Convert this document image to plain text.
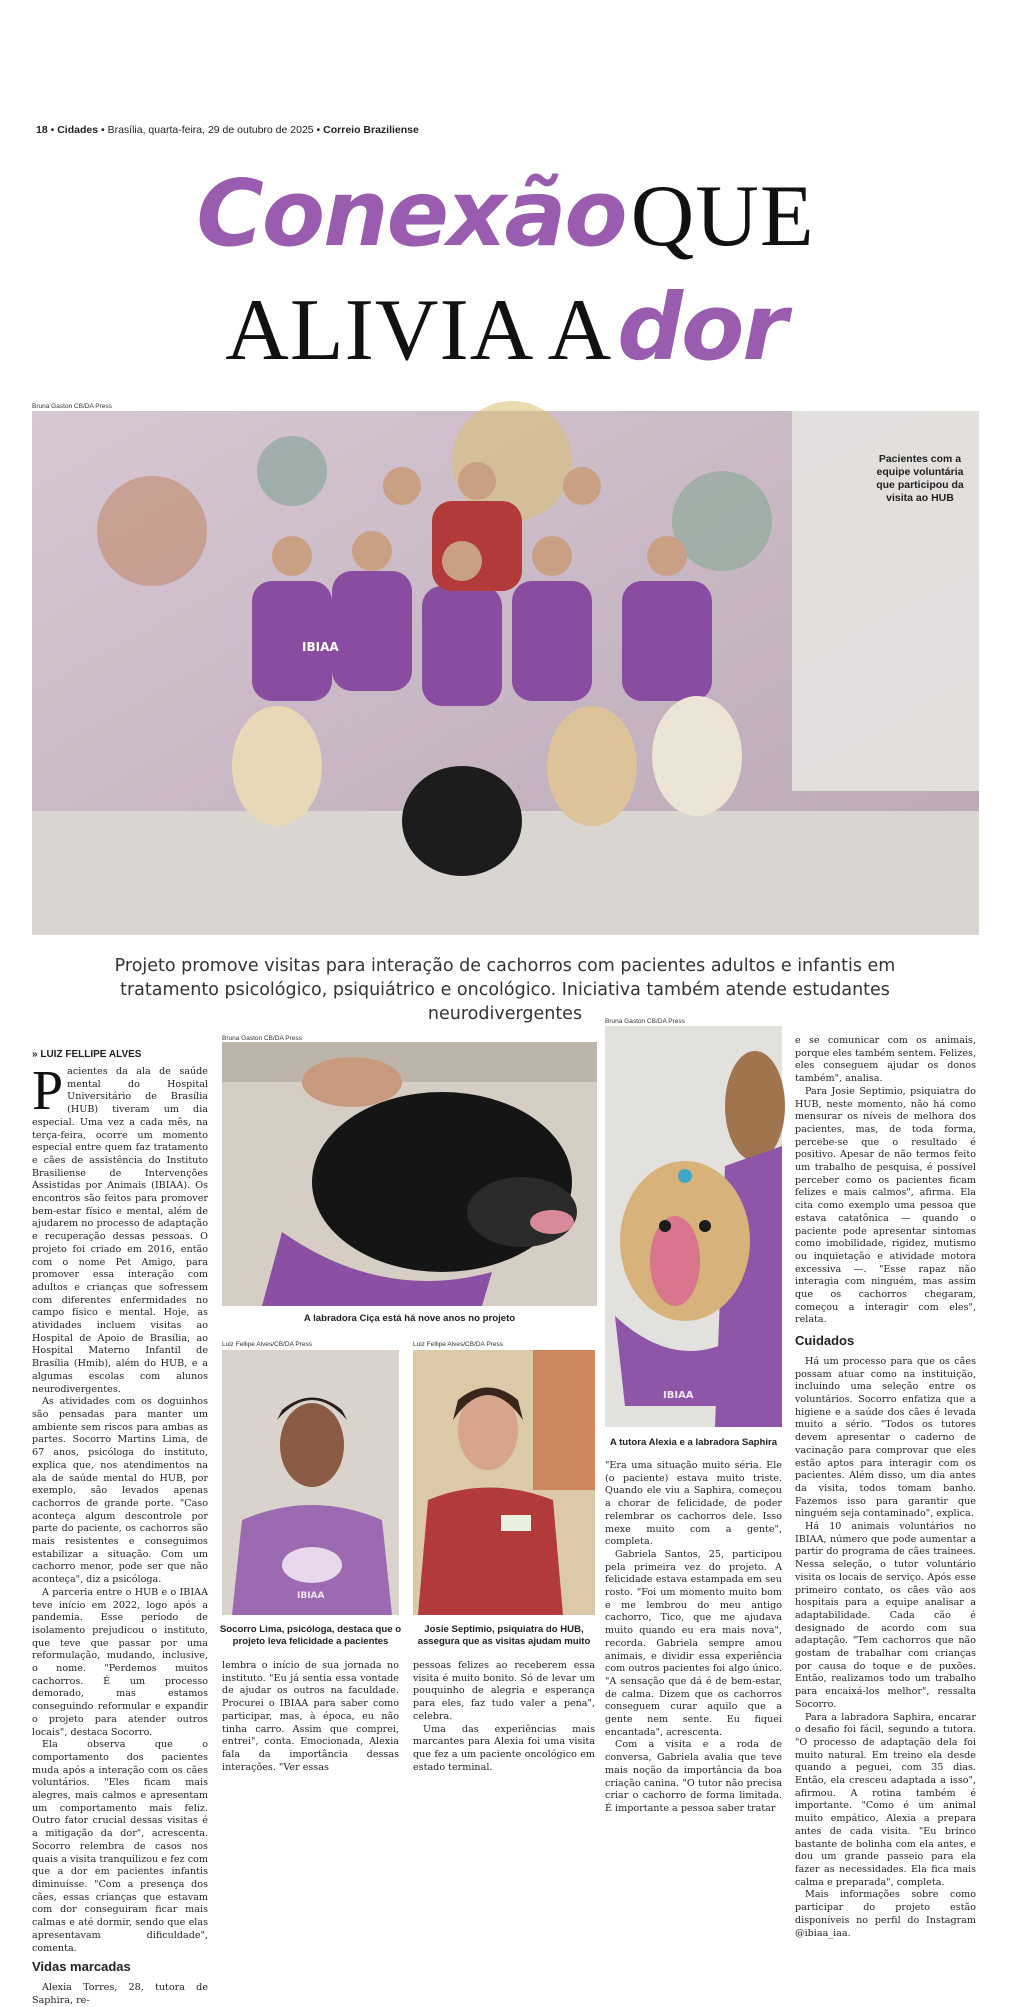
18 • Cidades • Brasília, quarta-feira, 29 de outubro de 2025 • Correio Braziliense
Conexão QUE
ALIVIA A dor
Bruna Gaston CB/DA Press
IBIAA
Pacientes com a equipe voluntária que participou da visita ao HUB
Projeto promove visitas para interação de cachorros com pacientes adultos e infantis em tratamento psicológico, psiquiátrico e oncológico. Iniciativa também atende estudantes neurodivergentes
» LUIZ FELLIPE ALVES

Pacientes da ala de saúde mental do Hospital Universitário de Brasília (HUB) tiveram um dia especial. Uma vez a cada mês, na terça-feira, ocorre um momento especial entre quem faz tratamento e cães de assistência do Instituto Brasiliense de Intervenções Assistidas por Animais (IBIAA). Os encontros são feitos para promover bem-estar físico e mental, além de ajudarem no processo de adaptação e recuperação dessas pessoas. O projeto foi criado em 2016, então com o nome Pet Amigo, para promover essa interação com adultos e crianças que sofressem com diferentes enfermidades no campo físico e mental. Hoje, as atividades incluem visitas ao Hospital de Apoio de Brasília, ao Hospital Materno Infantil de Brasília (Hmib), além do HUB, e a algumas escolas com alunos neurodivergentes.

As atividades com os doguinhos são pensadas para manter um ambiente sem riscos para ambas as partes. Socorro Martins Lima, de 67 anos, psicóloga do instituto, explica que, nos atendimentos na ala de saúde mental do HUB, por exemplo, são levados apenas cachorros de grande porte. "Caso aconteça algum descontrole por parte do paciente, os cachorros são mais resistentes e conseguimos estabilizar a situação. Com um cachorro menor, pode ser que não aconteça", diz a psicóloga.

A parceria entre o HUB e o IBIAA teve início em 2022, logo após a pandemia. Esse período de isolamento prejudicou o instituto, que teve que passar por uma reformulação, mudando, inclusive, o nome. "Perdemos muitos cachorros. É um processo demorado, mas estamos conseguindo reformular e expandir o projeto para atender outros locais", destaca Socorro.

Ela observa que o comportamento dos pacientes muda após a interação com os cães voluntários. "Eles ficam mais alegres, mais calmos e apresentam um comportamento mais feliz. Outro fator crucial dessas visitas é a mitigação da dor", acrescenta. Socorro relembra de casos nos quais a visita tranquilizou e fez com que a dor em pacientes infantis diminuísse. "Com a presença dos cães, essas crianças que estavam com dor conseguiram ficar mais calmas e até dormir, sendo que elas apresentavam dificuldade", comenta.

Vidas marcadas

Alexia Torres, 28, tutora de Saphira, re-

Bruna Gaston CB/DA Press
A labradora Ciça está há nove anos no projeto
Luiz Fellipe Alves/CB/DA Press
IBIAA
Socorro Lima, psicóloga, destaca que o projeto leva felicidade a pacientes
Luiz Fellipe Alves/CB/DA Press
Josie Septimio, psiquiatra do HUB, assegura que as visitas ajudam muito
Bruna Gaston CB/DA Press
IBIAA
A tutora Alexia e a labradora Saphira

lembra o início de sua jornada no instituto. "Eu já sentia essa vontade de ajudar os outros na faculdade. Procurei o IBIAA para saber como participar, mas, à época, eu não tinha carro. Assim que comprei, entrei", conta. Emocionada, Alexia fala da importância dessas interações. "Ver essas

pessoas felizes ao receberem essa visita é muito bonito. Só de levar um pouquinho de alegria e esperança para eles, faz tudo valer a pena", celebra.

Uma das experiências mais marcantes para Alexia foi uma visita que fez a um paciente oncológico em estado terminal.

"Era uma situação muito séria. Ele (o paciente) estava muito triste. Quando ele viu a Saphira, começou a chorar de felicidade, de poder relembrar os cachorros dele. Isso mexe muito com a gente", completa.

Gabriela Santos, 25, participou pela primeira vez do projeto. A felicidade estava estampada em seu rosto. "Foi um momento muito bom e me lembrou do meu antigo cachorro, Tico, que me ajudava muito quando eu era mais nova", recorda. Gabriela sempre amou animais, e dividir essa experiência com outros pacientes foi algo único. "A sensação que dá é de bem-estar, de calma. Dizem que os cachorros conseguem curar aquilo que a gente nem sente. Eu fiquei encantada", acrescenta.

Com a visita e a roda de conversa, Gabriela avalia que teve mais noção da importância da boa criação canina. "O tutor não precisa criar o cachorro de forma limitada. É importante a pessoa saber tratar

e se comunicar com os animais, porque eles também sentem. Felizes, eles conseguem ajudar os donos também", analisa.

Para Josie Septimio, psiquiatra do HUB, neste momento, não há como mensurar os níveis de melhora dos pacientes, mas, de toda forma, percebe-se que o resultado é positivo. Apesar de não termos feito um trabalho de pesquisa, é possível perceber como os pacientes ficam felizes e mais calmos", afirma. Ela cita como exemplo uma pessoa que estava catatônica — quando o paciente pode apresentar sintomas como imobilidade, rigidez, mutismo ou inquietação e atividade motora excessiva —. "Esse rapaz não interagia com ninguém, mas assim que os cachorros chegaram, começou a interagir com eles", relata.

Cuidados

Há um processo para que os cães possam atuar como na instituição, incluindo uma seleção entre os voluntários. Socorro enfatiza que a higiene e a saúde dos cães é levada muito a sério. "Todos os tutores devem apresentar o caderno de vacinação para comprovar que eles estão aptos para interagir com os pacientes. Além disso, um dia antes da visita, todos tomam banho. Fazemos isso para garantir que ninguém seja contaminado", explica.

Há 10 animais voluntários no IBIAA, número que pode aumentar a partir do programa de cães trainees. Nessa seleção, o tutor voluntário visita os locais de serviço. Após esse primeiro contato, os cães vão aos hospitais para a equipe analisar a adaptabilidade. Cada cão é designado de acordo com sua adaptação. "Tem cachorros que não gostam de trabalhar com crianças por causa do toque e de puxões. Então, realizamos todo um trabalho para encaixá-los melhor", ressalta Socorro.

Para a labradora Saphira, encarar o desafio foi fácil, segundo a tutora. "O processo de adaptação dela foi muito natural. Em treino ela desde quando a peguei, com 35 dias. Então, ela cresceu adaptada a isso", afirmou. A rotina também é importante. "Como é um animal muito empático, Alexia a prepara antes de cada visita. "Eu brinco bastante de bolinha com ela antes, e dou um grande passeio para ela fazer as necessidades. Ela fica mais calma e preparada", completa.

Mais informações sobre como participar do projeto estão disponíveis no perfil do Instagram @ibiaa_iaa.
